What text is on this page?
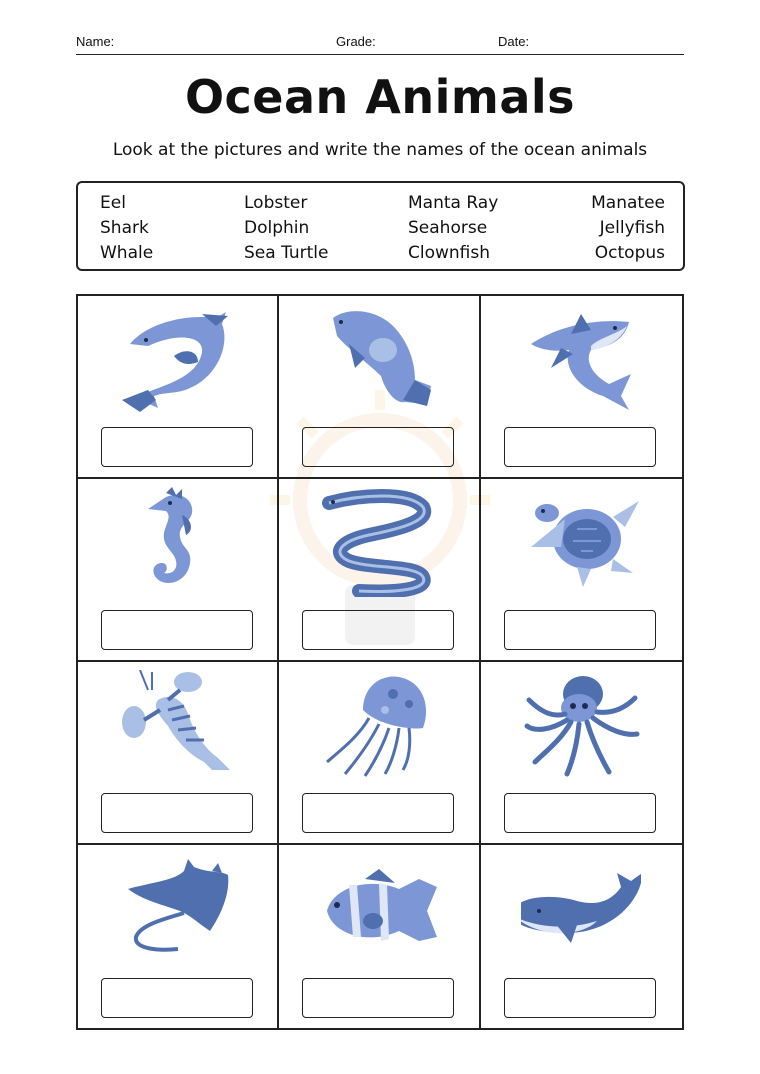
Name:	Grade:	Date:
Ocean Animals
Look at the pictures and write the names of the ocean animals
Eel
Shark
Whale
Lobster
Dolphin
Sea Turtle
Manta Ray
Seahorse
Clownfish
Manatee
Jellyfish
Octopus
